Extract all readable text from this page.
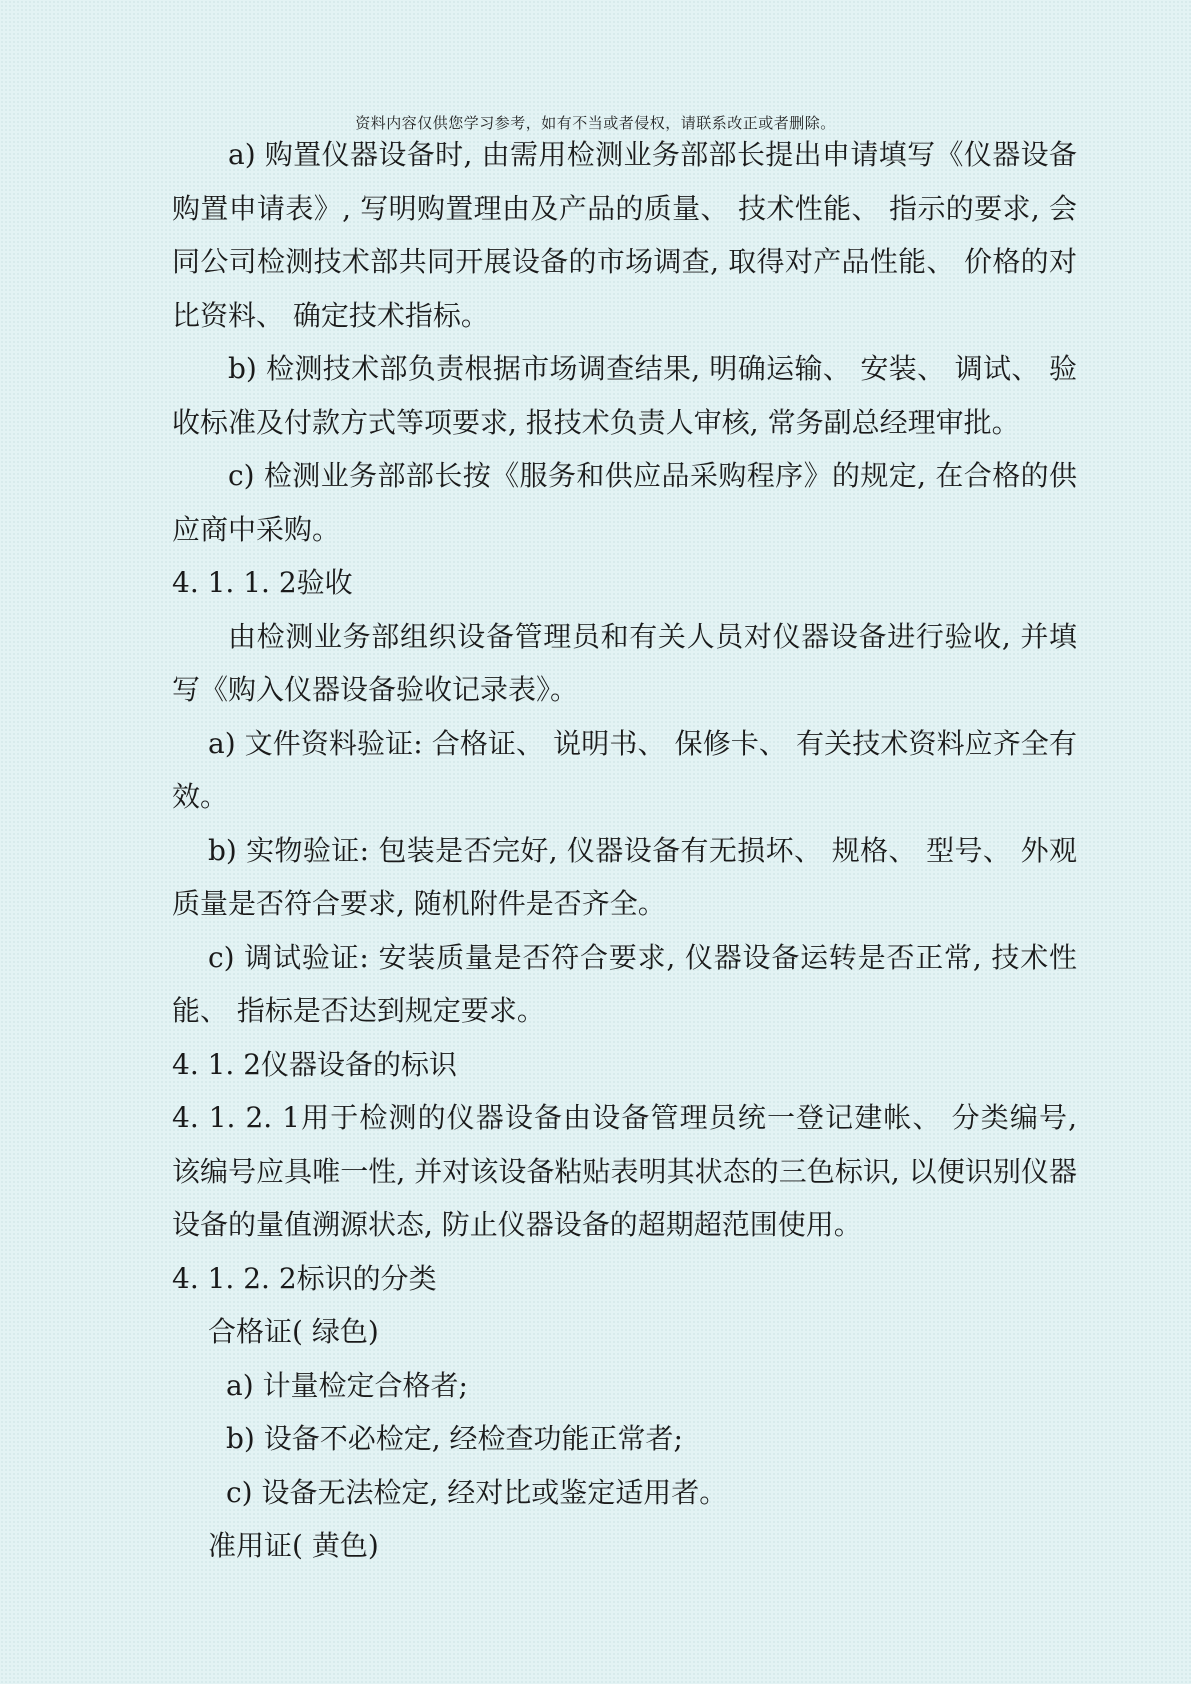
资料内容仅供您学习参考，如有不当或者侵权，请联系改正或者删除。

a) 购置仪器设备时, 由需用检测业务部部长提出申请填写《仪器设备购置申请表》, 写明购置理由及产品的质量、 技术性能、 指示的要求, 会同公司检测技术部共同开展设备的市场调查, 取得对产品性能、 价格的对比资料、 确定技术指标。

b) 检测技术部负责根据市场调查结果, 明确运输、 安装、 调试、 验收标准及付款方式等项要求, 报技术负责人审核, 常务副总经理审批。

c) 检测业务部部长按《服务和供应品采购程序》的规定, 在合格的供应商中采购。

4. 1. 1. 2验收

由检测业务部组织设备管理员和有关人员对仪器设备进行验收, 并填写《购入仪器设备验收记录表》。

a) 文件资料验证: 合格证、 说明书、 保修卡、 有关技术资料应齐全有效。

b) 实物验证: 包装是否完好, 仪器设备有无损坏、 规格、 型号、 外观质量是否符合要求, 随机附件是否齐全。

c) 调试验证: 安装质量是否符合要求, 仪器设备运转是否正常, 技术性能、 指标是否达到规定要求。

4. 1. 2仪器设备的标识

4. 1. 2. 1用于检测的仪器设备由设备管理员统一登记建帐、 分类编号, 该编号应具唯一性, 并对该设备粘贴表明其状态的三色标识, 以便识别仪器设备的量值溯源状态, 防止仪器设备的超期超范围使用。

4. 1. 2. 2标识的分类

合格证( 绿色)

a) 计量检定合格者;

b) 设备不必检定, 经检查功能正常者;

c) 设备无法检定, 经对比或鉴定适用者。

准用证( 黄色)
